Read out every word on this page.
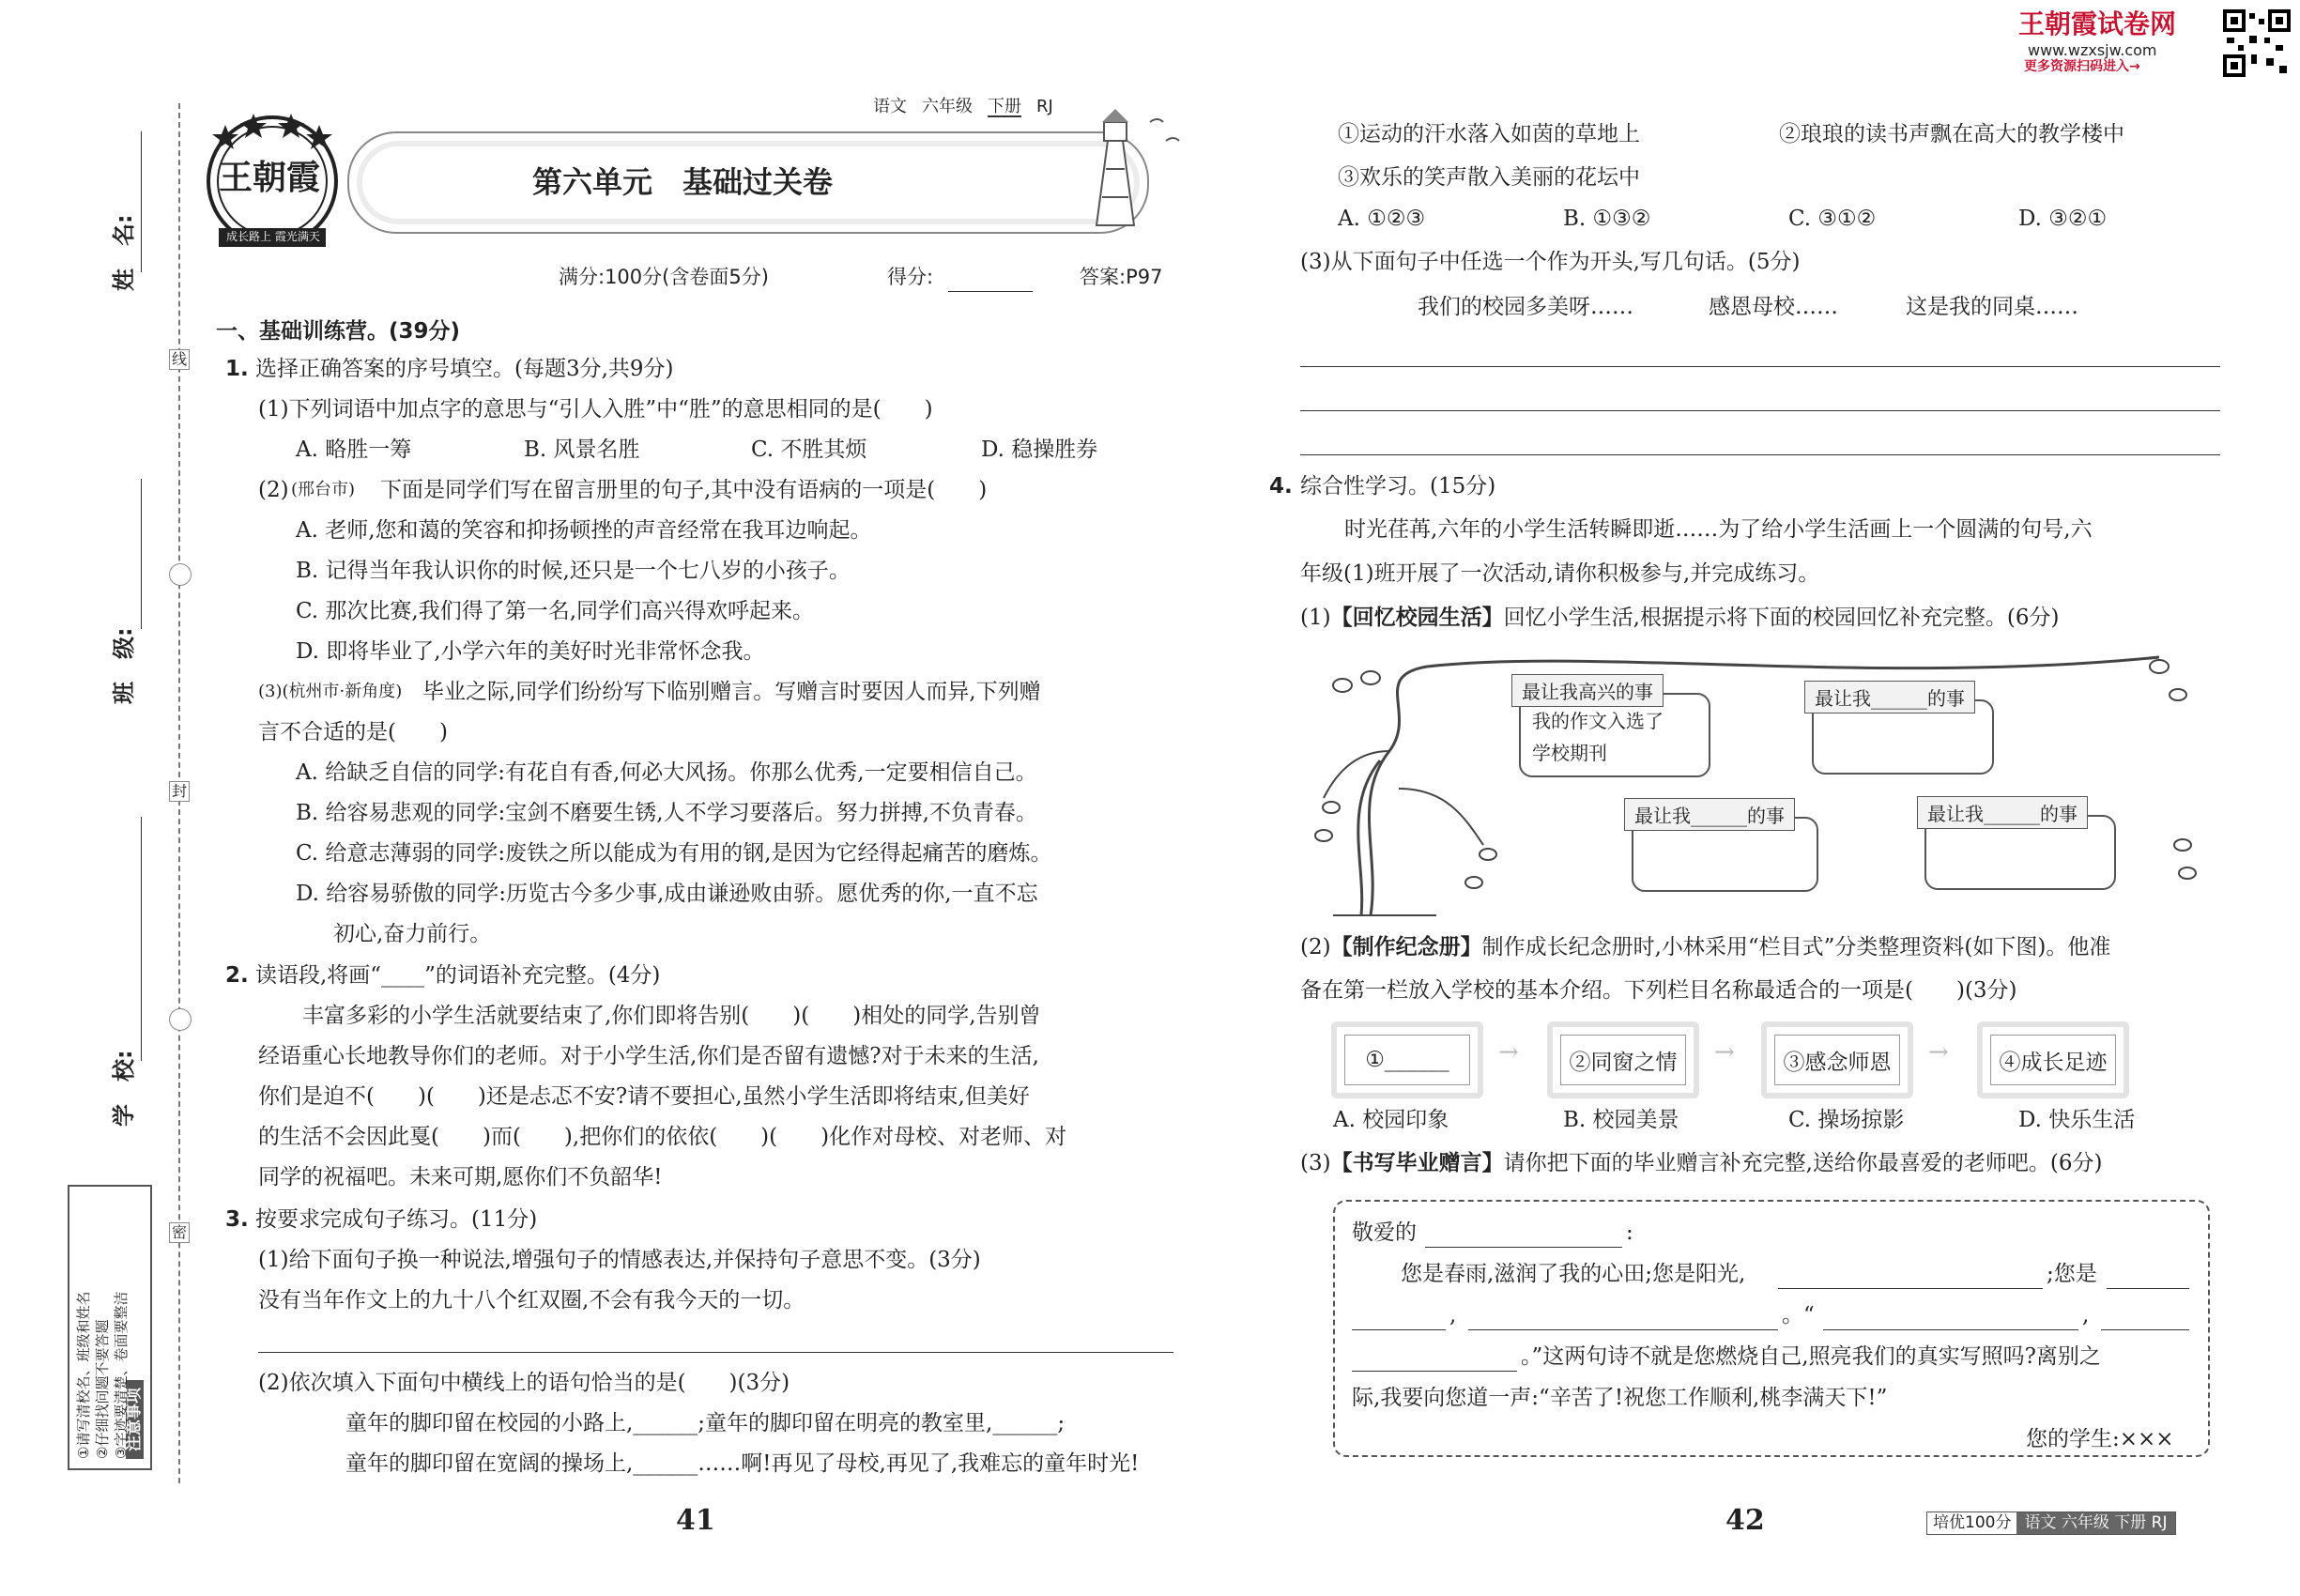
姓　名:
班　级:
学　校:
线
封
密
注意事项
①请写清校名、班级和姓名 ②仔细找问题不要答题 ③字迹要清楚、卷面要整洁
王朝霞
成长路上 霞光满天
语文 六年级 下册 RJ
第六单元　基础过关卷
满分:100分(含卷面5分)	得分:	答案:P97
一、基础训练营。(39分)
1. 选择正确答案的序号填空。(每题3分,共9分)
(1)下列词语中加点字的意思与“引人入胜”中“胜”的意思相同的是(　　)
A. 略胜一筹	B. 风景名胜	C. 不胜其烦	D. 稳操胜券
(2) (邢台市) 下面是同学们写在留言册里的句子,其中没有语病的一项是(　　)
A. 老师,您和蔼的笑容和抑扬顿挫的声音经常在我耳边响起。
B. 记得当年我认识你的时候,还只是一个七八岁的小孩子。
C. 那次比赛,我们得了第一名,同学们高兴得欢呼起来。
D. 即将毕业了,小学六年的美好时光非常怀念我。
(3)(杭州市·新角度) 毕业之际,同学们纷纷写下临别赠言。写赠言时要因人而异,下列赠
言不合适的是(　　)
A. 给缺乏自信的同学:有花自有香,何必大风扬。你那么优秀,一定要相信自己。
B. 给容易悲观的同学:宝剑不磨要生锈,人不学习要落后。努力拼搏,不负青春。
C. 给意志薄弱的同学:废铁之所以能成为有用的钢,是因为它经得起痛苦的磨炼。
D. 给容易骄傲的同学:历览古今多少事,成由谦逊败由骄。愿优秀的你,一直不忘
初心,奋力前行。
2. 读语段,将画“____”的词语补充完整。(4分)
丰富多彩的小学生活就要结束了,你们即将告别(　　)(　　)相处的同学,告别曾
经语重心长地教导你们的老师。对于小学生活,你们是否留有遗憾?对于未来的生活,
你们是迫不(　　)(　　)还是忐忑不安?请不要担心,虽然小学生活即将结束,但美好
的生活不会因此戛(　　)而(　　),把你们的依依(　　)(　　)化作对母校、对老师、对
同学的祝福吧。未来可期,愿你们不负韶华!
3. 按要求完成句子练习。(11分)
(1)给下面句子换一种说法,增强句子的情感表达,并保持句子意思不变。(3分)
没有当年作文上的九十八个红双圈,不会有我今天的一切。
(2)依次填入下面句中横线上的语句恰当的是(　　)(3分)
童年的脚印留在校园的小路上,______;童年的脚印留在明亮的教室里,______;
童年的脚印留在宽阔的操场上,______……啊!再见了母校,再见了,我难忘的童年时光!
41
王朝霞试卷网
www.wzxsjw.com
更多资源扫码进入→
①运动的汗水落入如茵的草地上	②琅琅的读书声飘在高大的教学楼中
③欢乐的笑声散入美丽的花坛中
A. ①②③	B. ①③②	C. ③①②	D. ③②①
(3)从下面句子中任选一个作为开头,写几句话。(5分)
我们的校园多美呀……	感恩母校……	这是我的同桌……
4. 综合性学习。(15分)
时光荏苒,六年的小学生活转瞬即逝……为了给小学生活画上一个圆满的句号,六
年级(1)班开展了一次活动,请你积极参与,并完成练习。
(1)【回忆校园生活】回忆小学生活,根据提示将下面的校园回忆补充完整。(6分)
最让我高兴的事
我的作文入选了
学校期刊
最让我______的事
最让我______的事	最让我______的事
(2)【制作纪念册】制作成长纪念册时,小林采用“栏目式”分类整理资料(如下图)。他准
备在第一栏放入学校的基本介绍。下列栏目名称最适合的一项是(　　)(3分)
①______	→	②同窗之情	→	③感念师恩	→	④成长足迹
A. 校园印象	B. 校园美景	C. 操场掠影	D. 快乐生活
(3)【书写毕业赠言】请你把下面的毕业赠言补充完整,送给你最喜爱的老师吧。(6分)
敬爱的	:
您是春雨,滋润了我的心田;您是阳光,	;您是
,	。“	,
。”这两句诗不就是您燃烧自己,照亮我们的真实写照吗?离别之
际,我要向您道一声:“辛苦了!祝您工作顺利,桃李满天下!”
您的学生:×××
42	培优100分 语文 六年级 下册 RJ
